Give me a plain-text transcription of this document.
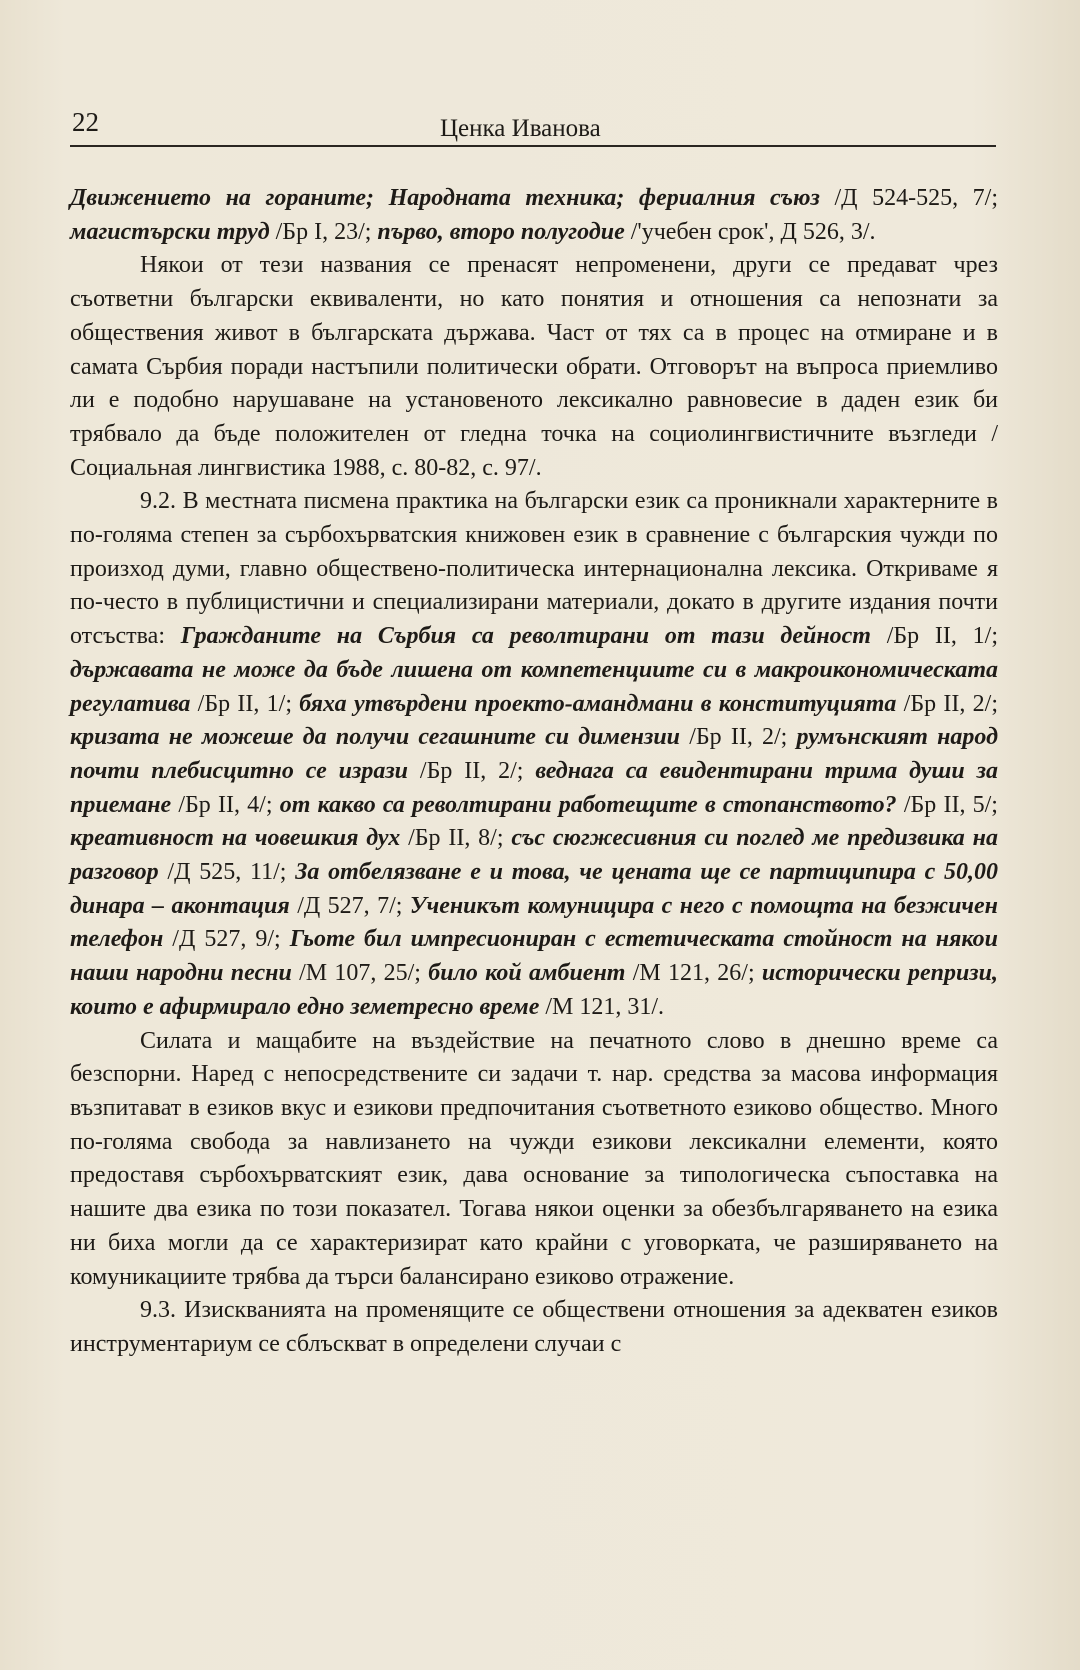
22	Ценка Иванова

Движението на гораните; Народната техника; фериалния съюз /Д 524-525, 7/; магистърски труд /Бр I, 23/; първо, второ полугодие /'учебен срок', Д 526, 3/.

Някои от тези названия се пренасят непроменени, други се предават чрез съответни български еквиваленти, но като понятия и отношения са непознати за обществения живот в българската държава. Част от тях са в процес на отмиране и в самата Сърбия поради настъпили политически обрати. Отговорът на въпроса приемливо ли е подобно нарушаване на установеното лексикално равновесие в даден език би трябвало да бъде положителен от гледна точка на социолингвистичните възгледи /Социальная лингвистика 1988, с. 80-82, с. 97/.

9.2. В местната писмена практика на български език са проникнали характерните в по-голяма степен за сърбохърватския книжовен език в сравнение с българския чужди по произход думи, главно обществено-политическа интернационална лексика. Откриваме я по-често в публицистични и специализирани материали, докато в другите издания почти отсъства: Гражданите на Сърбия са револтирани от тази дейност /Бр II, 1/; държавата не може да бъде лишена от компетенциите си в макроикономическата регулатива /Бр II, 1/; бяха утвърдени проекто-амандмани в конституцията /Бр II, 2/; кризата не можеше да получи сегашните си димензии /Бр II, 2/; румънският народ почти плебисцитно се изрази /Бр II, 2/; веднага са евидентирани трима души за приемане /Бр II, 4/; от какво са револтирани работещите в стопанството? /Бр II, 5/; креативност на човешкия дух /Бр II, 8/; със сюгжесивния си поглед ме предизвика на разговор /Д 525, 11/; За отбелязване е и това, че цената ще се партиципира с 50,00 динара – аконтация /Д 527, 7/; Ученикът комуницира с него с помощта на безжичен телефон /Д 527, 9/; Гьоте бил импресиониран с естетическата стойност на някои наши народни песни /М 107, 25/; било кой амбиент /М 121, 26/; исторически репризи, които е афирмирало едно земетресно време /М 121, 31/.

Силата и мащабите на въздействие на печатното слово в днешно време са безспорни. Наред с непосредствените си задачи т. нар. средства за масова информация възпитават в езиков вкус и езикови предпочитания съответното езиково общество. Много по-голяма свобода за навлизането на чужди езикови лексикални елементи, която предоставя сърбохърватският език, дава основание за типологическа съпоставка на нашите два езика по този показател. Тогава някои оценки за обезбългаряването на езика ни биха могли да се характеризират като крайни с уговорката, че разширяването на комуникациите трябва да търси балансирано езиково отражение.

9.3. Изискванията на променящите се обществени отношения за адекватен езиков инструментариум се сблъскват в определени случаи с
